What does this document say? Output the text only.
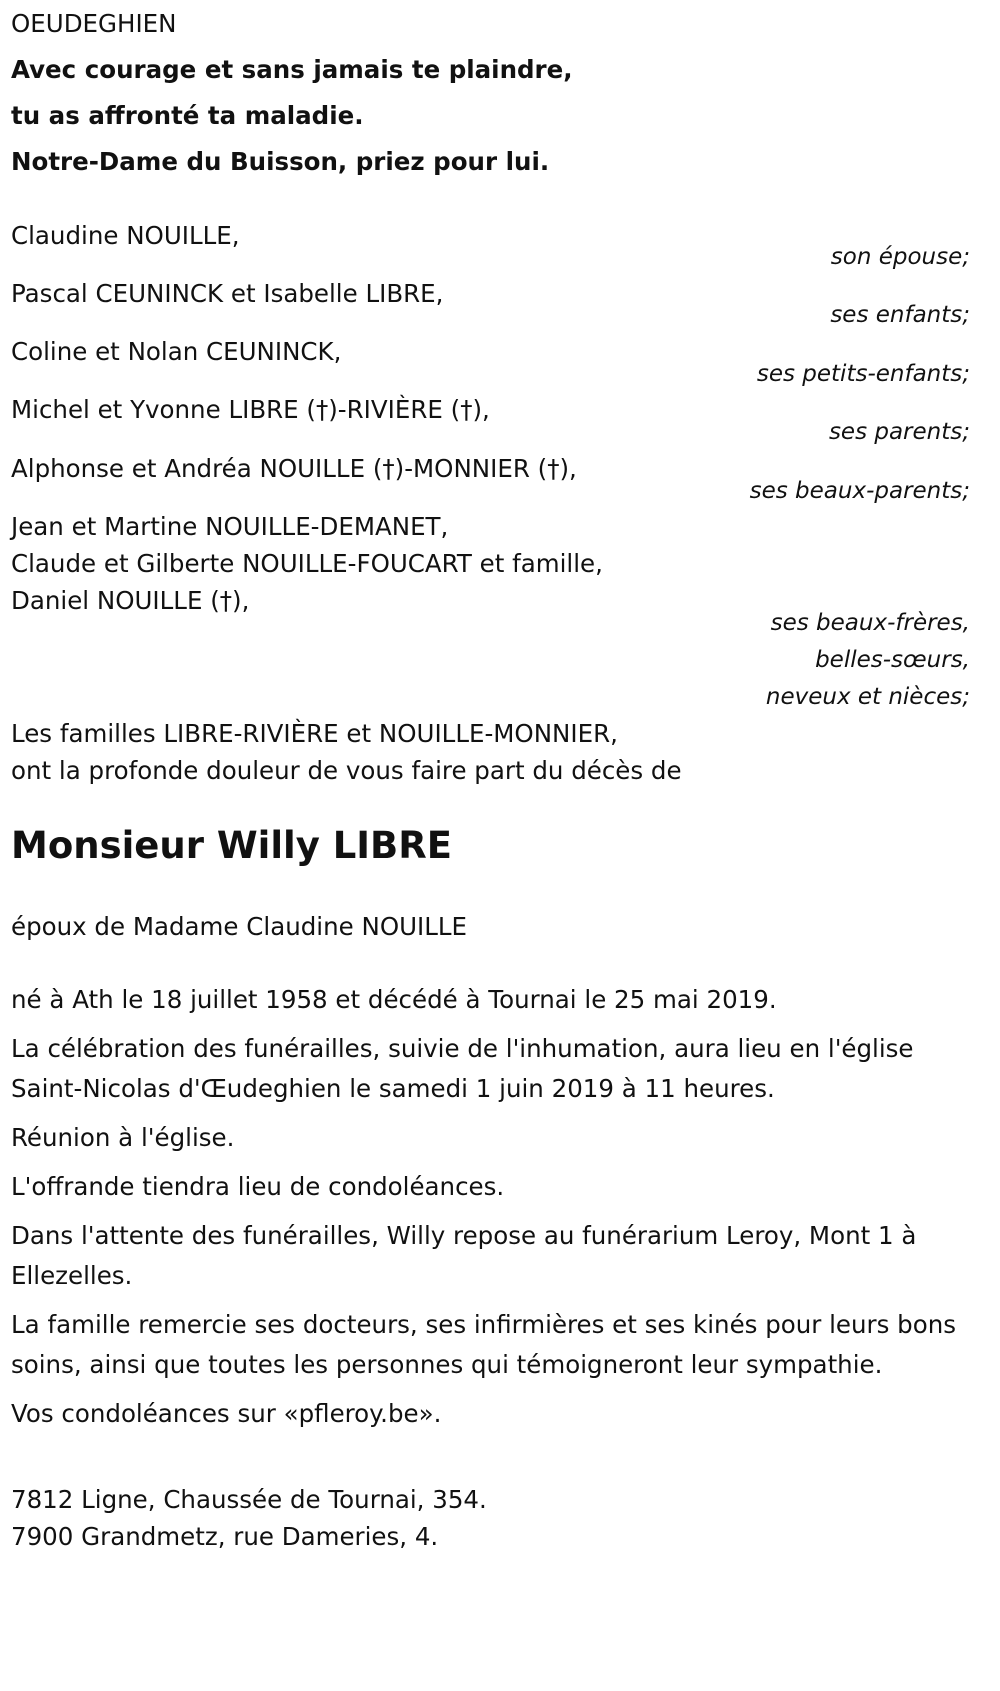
OEUDEGHIEN
Avec courage et sans jamais te plaindre,
tu as affronté ta maladie.
Notre-Dame du Buisson, priez pour lui.
Claudine NOUILLE,
son épouse;
Pascal CEUNINCK et Isabelle LIBRE,
ses enfants;
Coline et Nolan CEUNINCK,
ses petits-enfants;
Michel et Yvonne LIBRE (†)-RIVIÈRE (†),
ses parents;
Alphonse et Andréa NOUILLE (†)-MONNIER (†),
ses beaux-parents;
Jean et Martine NOUILLE-DEMANET,
Claude et Gilberte NOUILLE-FOUCART et famille,
Daniel NOUILLE (†),
ses beaux-frères,
belles-sœurs,
neveux et nièces;
Les familles LIBRE-RIVIÈRE et NOUILLE-MONNIER,
ont la profonde douleur de vous faire part du décès de
Monsieur Willy LIBRE
époux de Madame Claudine NOUILLE

né à Ath le 18 juillet 1958 et décédé à Tournai le 25 mai 2019.

La célébration des funérailles, suivie de l'inhumation, aura lieu en l'église Saint-Nicolas d'Œudeghien le samedi 1 juin 2019 à 11 heures.

Réunion à l'église.

L'offrande tiendra lieu de condoléances.

Dans l'attente des funérailles, Willy repose au funérarium Leroy, Mont 1 à Ellezelles.

La famille remercie ses docteurs, ses infirmières et ses kinés pour leurs bons soins, ainsi que toutes les personnes qui témoigneront leur sympathie.

Vos condoléances sur «pfleroy.be».

7812 Ligne, Chaussée de Tournai, 354.
7900 Grandmetz, rue Dameries, 4.
